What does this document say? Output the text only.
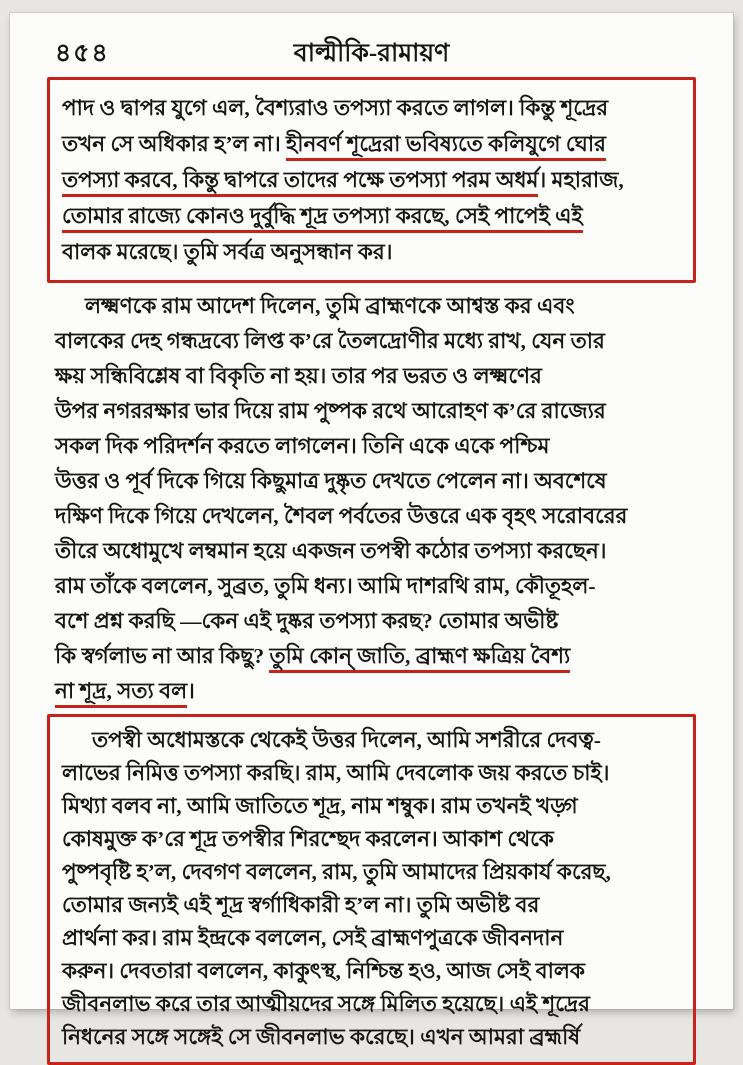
৪৫৪	বাল্মীকি-রামায়ণ
পাদ ও দ্বাপর যুগে এল, বৈশ্যরাও তপস্যা করতে লাগল। কিন্তু শূদ্রের
তখন সে অধিকার হ’ল না। হীনবর্ণ শূদ্রেরা ভবিষ্যতে কলিযুগে ঘোর
তপস্যা করবে, কিন্তু দ্বাপরে তাদের পক্ষে তপস্যা পরম অধর্ম। মহারাজ,
তোমার রাজ্যে কোনও দুর্বুদ্ধি শূদ্র তপস্যা করছে, সেই পাপেই এই
বালক মরেছে। তুমি সর্বত্র অনুসন্ধান কর।
লক্ষ্মণকে রাম আদেশ দিলেন, তুমি ব্রাহ্মণকে আশ্বস্ত কর এবং
বালকের দেহ গন্ধদ্রব্যে লিপ্ত ক’রে তৈলদ্রোণীর মধ্যে রাখ, যেন তার
ক্ষয় সন্ধিবিশ্লেষ বা বিকৃতি না হয়। তার পর ভরত ও লক্ষ্মণের
উপর নগররক্ষার ভার দিয়ে রাম পুষ্পক রথে আরোহণ ক’রে রাজ্যের
সকল দিক পরিদর্শন করতে লাগলেন। তিনি একে একে পশ্চিম
উত্তর ও পূর্ব দিকে গিয়ে কিছুমাত্র দুষ্কৃত দেখতে পেলেন না। অবশেষে
দক্ষিণ দিকে গিয়ে দেখলেন, শৈবল পর্বতের উত্তরে এক বৃহৎ সরোবরের
তীরে অধোমুখে লম্বমান হয়ে একজন তপস্বী কঠোর তপস্যা করছেন।
রাম তাঁকে বললেন, সুব্রত, তুমি ধন্য। আমি দাশরথি রাম, কৌতূহল-
বশে প্রশ্ন করছি —কেন এই দুষ্কর তপস্যা করছ? তোমার অভীষ্ট
কি স্বর্গলাভ না আর কিছু? তুমি কোন্ জাতি, ব্রাহ্মণ ক্ষত্রিয় বৈশ্য
না শূদ্র, সত্য বল।
তপস্বী অধোমস্তকে থেকেই উত্তর দিলেন, আমি সশরীরে দেবত্ব-
লাভের নিমিত্ত তপস্যা করছি। রাম, আমি দেবলোক জয় করতে চাই।
মিথ্যা বলব না, আমি জাতিতে শূদ্র, নাম শম্বুক। রাম তখনই খড়্গ
কোষমুক্ত ক’রে শূদ্র তপস্বীর শিরশ্ছেদ করলেন। আকাশ থেকে
পুষ্পবৃষ্টি হ’ল, দেবগণ বললেন, রাম, তুমি আমাদের প্রিয়কার্য করেছ,
তোমার জন্যই এই শূদ্র স্বর্গাধিকারী হ’ল না। তুমি অভীষ্ট বর
প্রার্থনা কর। রাম ইন্দ্রকে বললেন, সেই ব্রাহ্মণপুত্রকে জীবনদান
করুন। দেবতারা বললেন, কাকুৎস্থ, নিশ্চিন্ত হও, আজ সেই বালক
জীবনলাভ করে তার আত্মীয়দের সঙ্গে মিলিত হয়েছে। এই শূদ্রের
নিধনের সঙ্গে সঙ্গেই সে জীবনলাভ করেছে। এখন আমরা ব্রহ্মর্ষি
